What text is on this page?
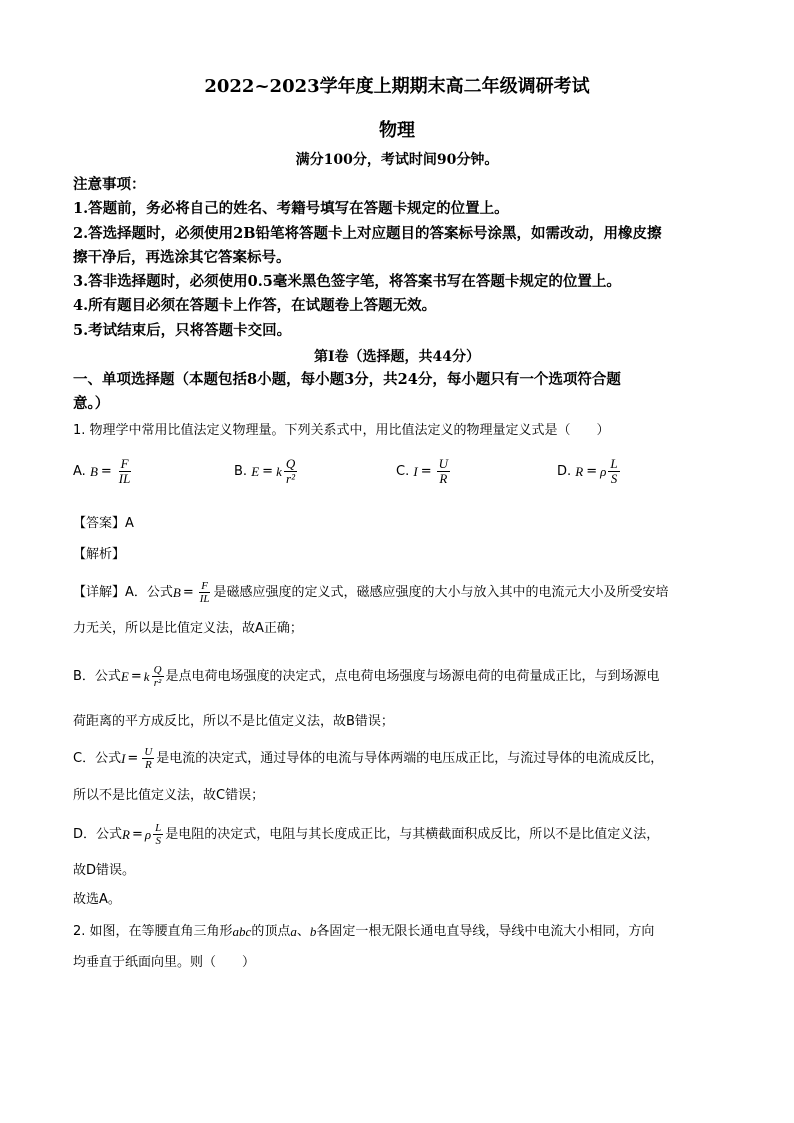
2022~2023学年度上期期末高二年级调研考试
物理
满分100分，考试时间90分钟。
注意事项：
1.答题前，务必将自己的姓名、考籍号填写在答题卡规定的位置上。
2.答选择题时，必须使用2B铅笔将答题卡上对应题目的答案标号涂黑，如需改动，用橡皮擦
擦干净后，再选涂其它答案标号。
3.答非选择题时，必须使用0.5毫米黑色签字笔，将答案书写在答题卡规定的位置上。
4.所有题目必须在答题卡上作答，在试题卷上答题无效。
5.考试结束后，只将答题卡交回。
第Ⅰ卷（选择题，共44分）
一、单项选择题（本题包括8小题，每小题3分，共24分，每小题只有一个选项符合题
意。）
1. 物理学中常用比值法定义物理量。下列关系式中，用比值法定义的物理量定义式是（　　）
A.
$B = \frac{F}{IL}$	B.
E = k $\frac{Q}{\text{r²}}$	C.
$I = \frac{U}{R}$	D.
R = ρ $\frac{L}{S}$
【答案】A
【解析】
【详解】A．公式 $B = \frac{F}{IL}$ 是磁感应强度的定义式，磁感应强度的大小与放入其中的电流元大小及所受安培
力无关，所以是比值定义法，故A正确；
B．公式 E = k $\frac{Q}{\text{r²}}$ 是点电荷电场强度的决定式，点电荷电场强度与场源电荷的电荷量成正比，与到场源电
荷距离的平方成反比，所以不是比值定义法，故B错误；
C．公式 $I = \frac{U}{R}$ 是电流的决定式，通过导体的电流与导体两端的电压成正比，与流过导体的电流成反比，
所以不是比值定义法，故C错误；
D．公式 R = ρ $\frac{L}{S}$ 是电阻的决定式，电阻与其长度成正比，与其横截面积成反比，所以不是比值定义法，
故D错误。
故选A。
2. 如图，在等腰直角三角形 abc 的顶点 a 、 b 各固定一根无限长通电直导线，导线中电流大小相同，方向
均垂直于纸面向里。则（　　）
